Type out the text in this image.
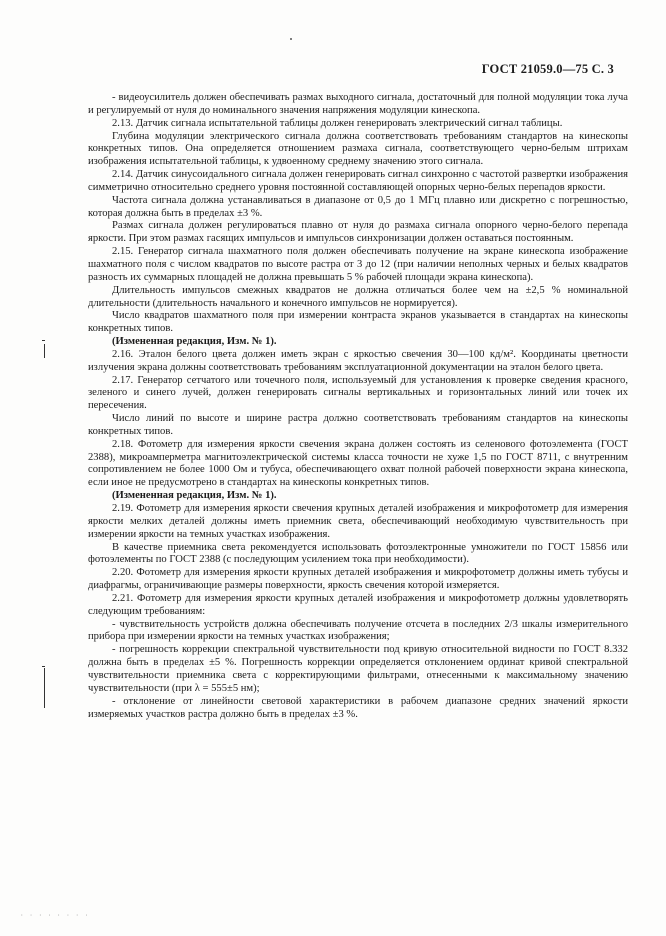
ГОСТ 21059.0—75 С. 3

- видеоусилитель должен обеспечивать размах выходного сигнала, достаточный для полной модуляции тока луча и регулируемый от нуля до номинального значения напряжения модуляции кинескопа.

2.13. Датчик сигнала испытательной таблицы должен генерировать электрический сигнал таблицы.

Глубина модуляции электрического сигнала должна соответствовать требованиям стандартов на кинескопы конкретных типов. Она определяется отношением размаха сигнала, соответствующего черно-белым штрихам изображения испытательной таблицы, к удвоенному среднему значению этого сигнала.

2.14. Датчик синусоидального сигнала должен генерировать сигнал синхронно с частотой развертки изображения симметрично относительно среднего уровня постоянной составляющей опорных черно-белых перепадов яркости.

Частота сигнала должна устанавливаться в диапазоне от 0,5 до 1 МГц плавно или дискретно с погрешностью, которая должна быть в пределах ±3 %.

Размах сигнала должен регулироваться плавно от нуля до размаха сигнала опорного черно-белого перепада яркости. При этом размах гасящих импульсов и импульсов синхронизации должен оставаться постоянным.

2.15. Генератор сигнала шахматного поля должен обеспечивать получение на экране кинескопа изображение шахматного поля с числом квадратов по высоте растра от 3 до 12 (при наличии неполных черных и белых квадратов разность их суммарных площадей не должна превышать 5 % рабочей площади экрана кинескопа).

Длительность импульсов смежных квадратов не должна отличаться более чем на ±2,5 % номинальной длительности (длительность начального и конечного импульсов не нормируется).

Число квадратов шахматного поля при измерении контраста экранов указывается в стандартах на кинескопы конкретных типов.

(Измененная редакция, Изм. № 1).

2.16. Эталон белого цвета должен иметь экран с яркостью свечения 30—100 кд/м². Координаты цветности излучения экрана должны соответствовать требованиям эксплуатационной документации на эталон белого цвета.

2.17. Генератор сетчатого или точечного поля, используемый для установления к проверке сведения красного, зеленого и синего лучей, должен генерировать сигналы вертикальных и горизонтальных линий или точек их пересечения.

Число линий по высоте и ширине растра должно соответствовать требованиям стандартов на кинескопы конкретных типов.

2.18. Фотометр для измерения яркости свечения экрана должен состоять из селенового фотоэлемента (ГОСТ 2388), микроамперметра магнитоэлектрической системы класса точности не хуже 1,5 по ГОСТ 8711, с внутренним сопротивлением не более 1000 Ом и тубуса, обеспечивающего охват полной рабочей поверхности экрана кинескопа, если иное не предусмотрено в стандартах на кинескопы конкретных типов.

(Измененная редакция, Изм. № 1).

2.19. Фотометр для измерения яркости свечения крупных деталей изображения и микрофотометр для измерения яркости мелких деталей должны иметь приемник света, обеспечивающий необходимую чувствительность при измерении яркости на темных участках изображения.

В качестве приемника света рекомендуется использовать фотоэлектронные умножители по ГОСТ 15856 или фотоэлементы по ГОСТ 2388 (с последующим усилением тока при необходимости).

2.20. Фотометр для измерения яркости крупных деталей изображения и микрофотометр должны иметь тубусы и диафрагмы, ограничивающие размеры поверхности, яркость свечения которой измеряется.

2.21. Фотометр для измерения яркости крупных деталей изображения и микрофотометр должны удовлетворять следующим требованиям:

- чувствительность устройств должна обеспечивать получение отсчета в последних 2/3 шкалы измерительного прибора при измерении яркости на темных участках изображения;

- погрешность коррекции спектральной чувствительности под кривую относительной видности по ГОСТ 8.332 должна быть в пределах ±5 %. Погрешность коррекции определяется отклонением ординат кривой спектральной чувствительности приемника света с корректирующими фильтрами, отнесенными к максимальному значению чувствительности (при λ = 555±5 нм);

- отклонение от линейности световой характеристики в рабочем диапазоне средних значений яркости измеряемых участков растра должно быть в пределах ±3 %.

· · · · · · · ·
